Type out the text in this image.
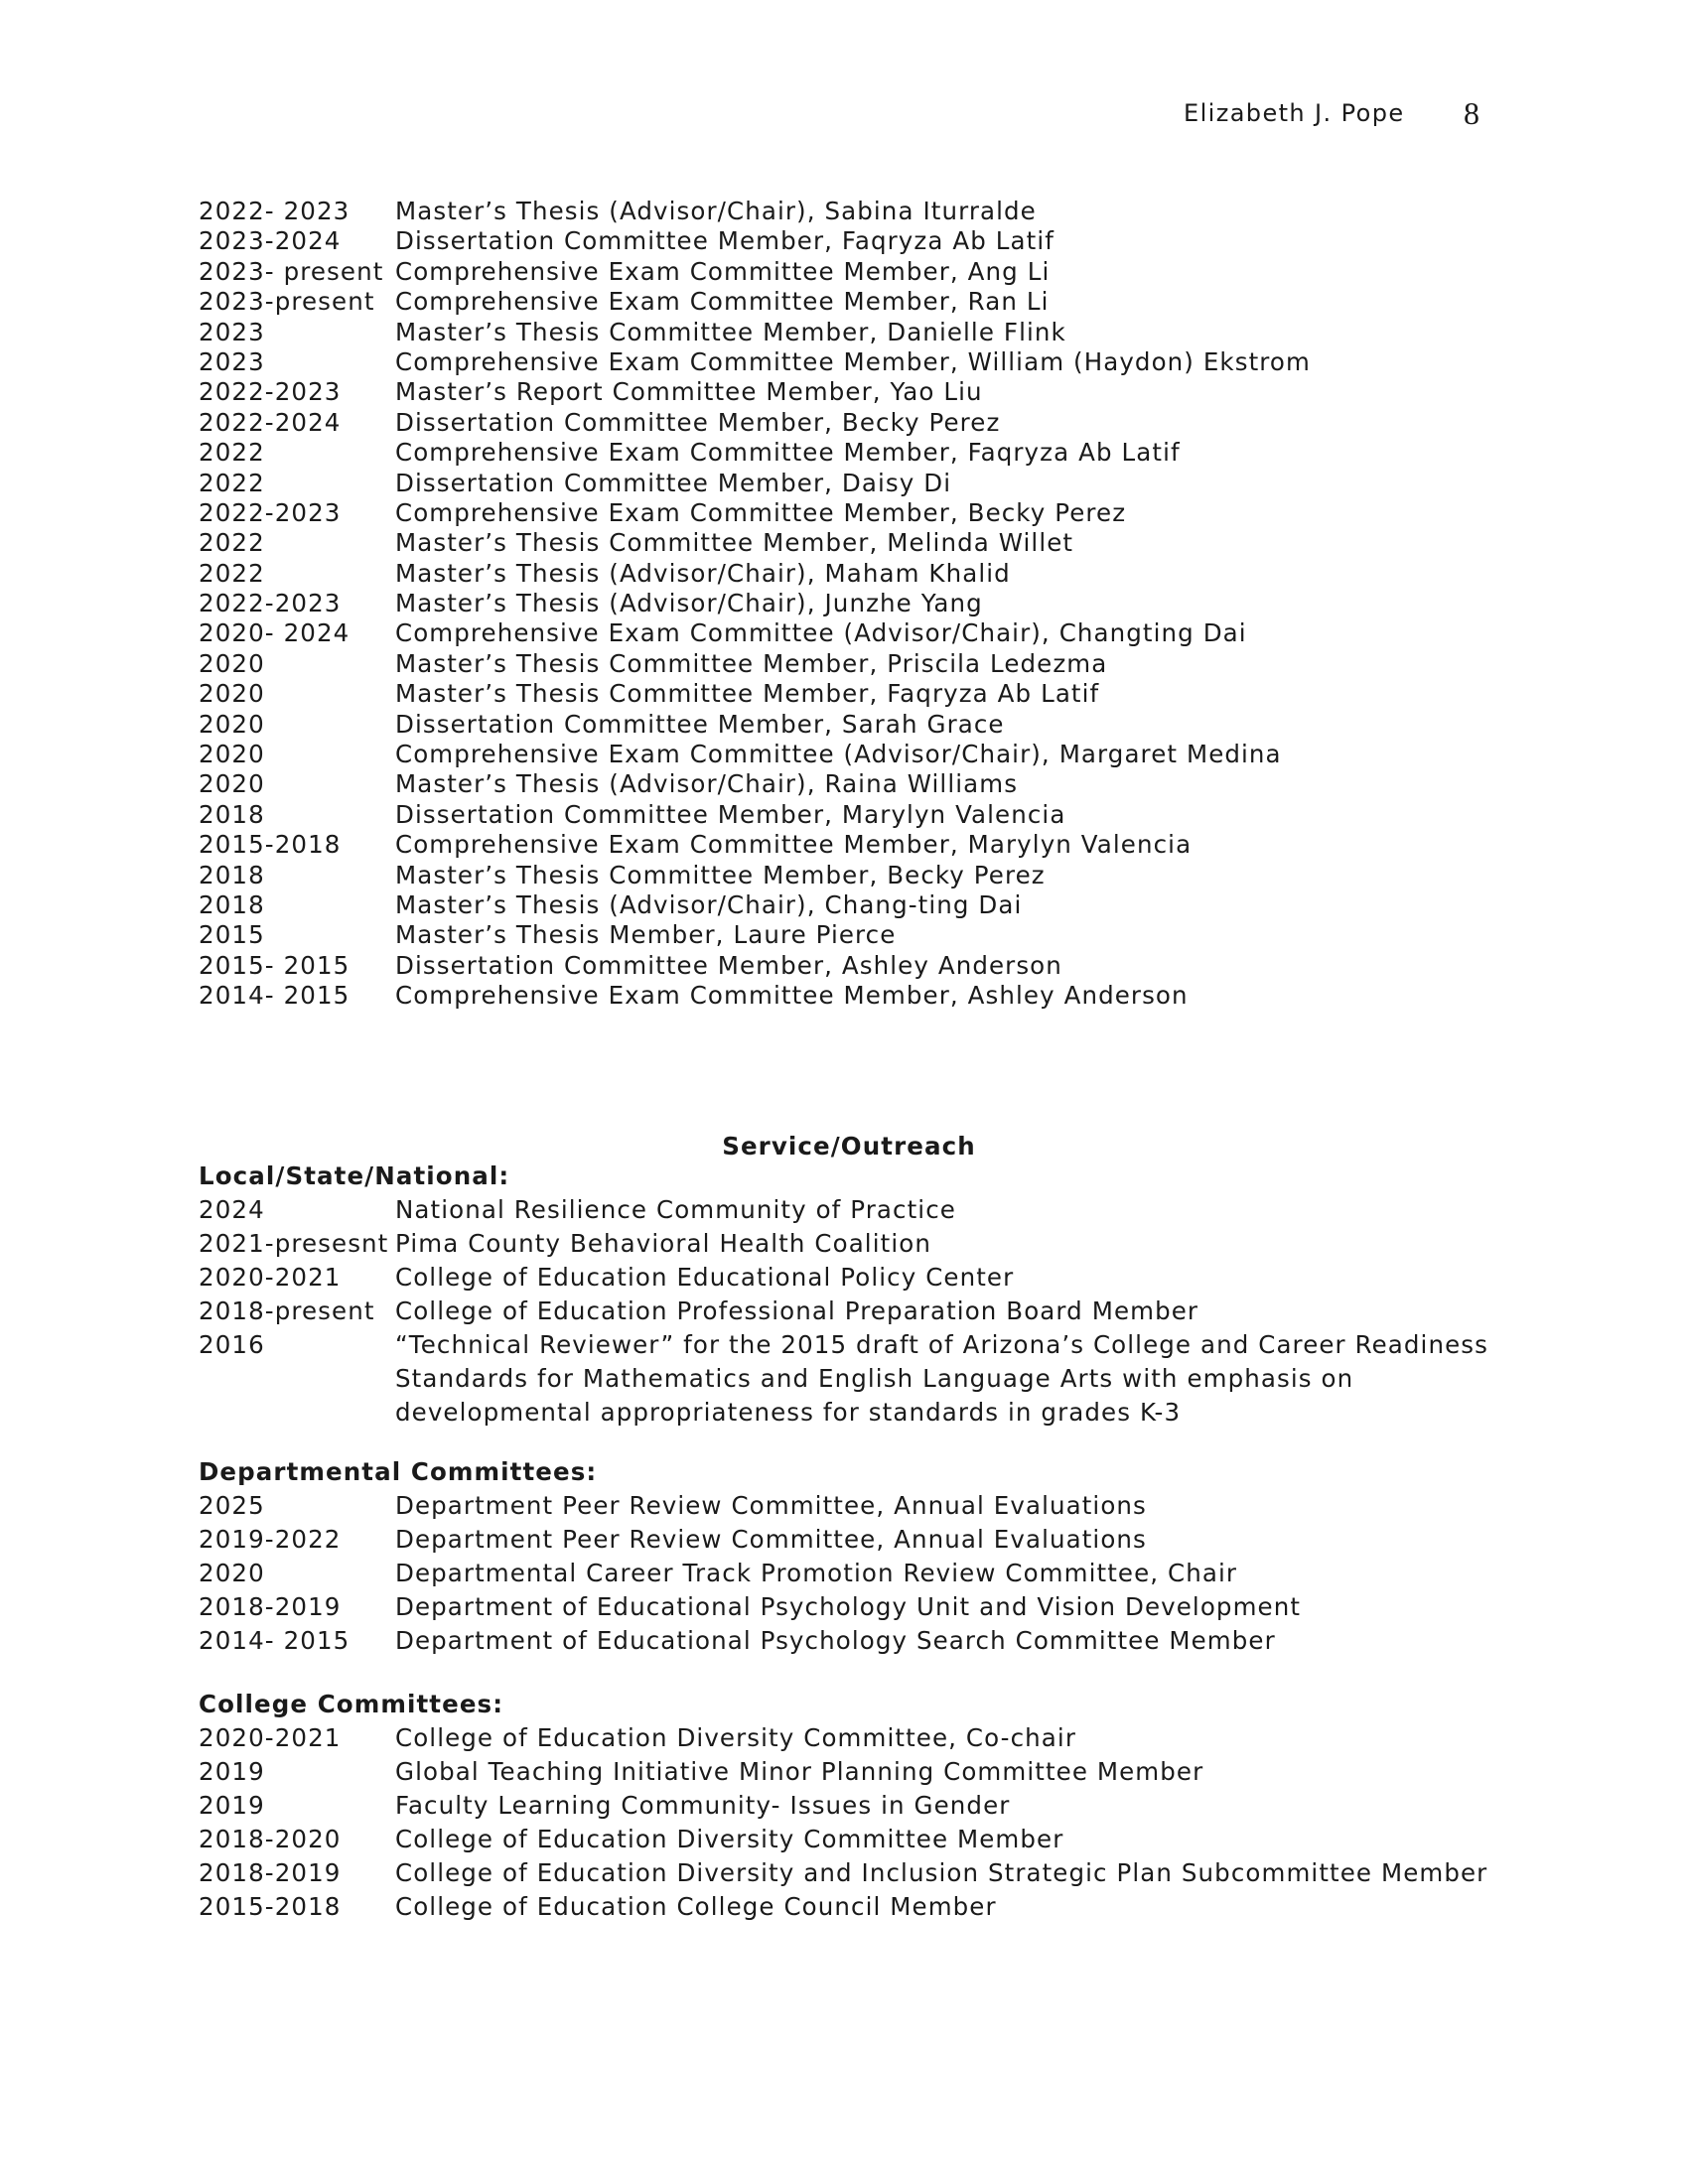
Elizabeth J. Pope 8
2022- 2023	Master’s Thesis (Advisor/Chair), Sabina Iturralde
2023-2024	Dissertation Committee Member, Faqryza Ab Latif
2023- present Comprehensive Exam Committee Member, Ang Li
2023-present Comprehensive Exam Committee Member, Ran Li
2023	Master’s Thesis Committee Member, Danielle Flink
2023	Comprehensive Exam Committee Member, William (Haydon) Ekstrom
2022-2023	Master’s Report Committee Member, Yao Liu
2022-2024	Dissertation Committee Member, Becky Perez
2022	Comprehensive Exam Committee Member, Faqryza Ab Latif
2022	Dissertation Committee Member, Daisy Di
2022-2023	Comprehensive Exam Committee Member, Becky Perez
2022	Master’s Thesis Committee Member, Melinda Willet
2022	Master’s Thesis (Advisor/Chair), Maham Khalid
2022-2023	Master’s Thesis (Advisor/Chair), Junzhe Yang
2020- 2024	Comprehensive Exam Committee (Advisor/Chair), Changting Dai
2020	Master’s Thesis Committee Member, Priscila Ledezma
2020	Master’s Thesis Committee Member, Faqryza Ab Latif
2020	Dissertation Committee Member, Sarah Grace
2020	Comprehensive Exam Committee (Advisor/Chair), Margaret Medina
2020	Master’s Thesis (Advisor/Chair), Raina Williams
2018	Dissertation Committee Member, Marylyn Valencia
2015-2018	Comprehensive Exam Committee Member, Marylyn Valencia
2018	Master’s Thesis Committee Member, Becky Perez
2018	Master’s Thesis (Advisor/Chair), Chang-ting Dai
2015	Master’s Thesis Member, Laure Pierce
2015- 2015	Dissertation Committee Member, Ashley Anderson
2014- 2015	Comprehensive Exam Committee Member, Ashley Anderson
Service/Outreach
Local/State/National:
2024	National Resilience Community of Practice
2021-presesnt Pima County Behavioral Health Coalition
2020-2021	College of Education Educational Policy Center
2018-present College of Education Professional Preparation Board Member
2016	“Technical Reviewer” for the 2015 draft of Arizona’s College and Career Readiness Standards for Mathematics and English Language Arts with emphasis on developmental appropriateness for standards in grades K-3
Departmental Committees:
2025	Department Peer Review Committee, Annual Evaluations
2019-2022	Department Peer Review Committee, Annual Evaluations
2020	Departmental Career Track Promotion Review Committee, Chair
2018-2019	Department of Educational Psychology Unit and Vision Development
2014- 2015	Department of Educational Psychology Search Committee Member
College Committees:
2020-2021	College of Education Diversity Committee, Co-chair
2019	Global Teaching Initiative Minor Planning Committee Member
2019	Faculty Learning Community- Issues in Gender
2018-2020	College of Education Diversity Committee Member
2018-2019	College of Education Diversity and Inclusion Strategic Plan Subcommittee Member
2015-2018	College of Education College Council Member
